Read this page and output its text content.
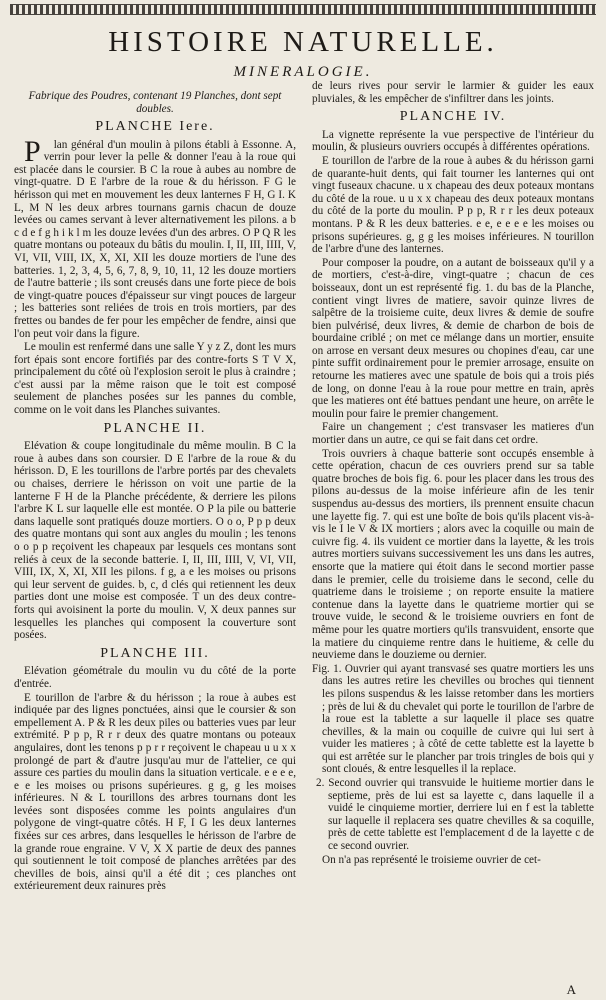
HISTOIRE NATURELLE.
MINERALOGIE.

Fabrique des Poudres, contenant 19 Planches, dont sept doubles.

PLANCHE Iere.

Plan général d'un moulin à pilons établi à Essonne. A, verrin pour lever la pelle & donner l'eau à la roue qui est placée dans le coursier. B C la roue à aubes au nombre de vingt-quatre. D E l'arbre de la roue & du hérisson. F G le hérisson qui met en mouvement les deux lanternes F H, G I. K L, M N les deux arbres tournans garnis chacun de douze levées ou cames servant à lever alternativement les pilons. a b c d e f g h i k l m les douze levées d'un des arbres. O P Q R les quatre montans ou poteaux du bâtis du moulin. I, II, III, IIII, V, VI, VII, VIII, IX, X, XI, XII les douze mortiers de l'une des batteries. 1, 2, 3, 4, 5, 6, 7, 8, 9, 10, 11, 12 les douze mortiers de l'autre batterie ; ils sont creusés dans une forte piece de bois de vingt-quatre pouces d'épaisseur sur vingt pouces de largeur ; les batteries sont reliées de trois en trois mortiers, par des frettes ou bandes de fer pour les empêcher de fendre, ainsi que l'on peut voir dans la figure.

Le moulin est renfermé dans une salle Y y z Z, dont les murs fort épais sont encore fortifiés par des contre-forts S T V X, principalement du côté où l'explosion seroit le plus à craindre ; c'est aussi par la même raison que le toit est composé seulement de planches posées sur les pannes du comble, comme on le voit dans les Planches suivantes.

PLANCHE II.

Elévation & coupe longitudinale du même moulin. B C la roue à aubes dans son coursier. D E l'arbre de la roue & du hérisson. D, E les tourillons de l'arbre portés par des chevalets ou chaises, derriere le hérisson on voit une partie de la lanterne F H de la Planche précédente, & derriere les pilons l'arbre K L sur laquelle elle est montée. O P la pile ou batterie dans laquelle sont pratiqués douze mortiers. O o o, P p p deux des quatre montans qui sont aux angles du moulin ; les tenons o o p p reçoivent les chapeaux par lesquels ces montans sont reliés à ceux de la seconde batterie. I, II, III, IIII, V, VI, VII, VIII, IX, X, XI, XII les pilons. f g, a e les moises ou prisons qui leur servent de guides. b, c, d clés qui retiennent les deux parties dont une moise est composée. T un des deux contre-forts qui avoisinent la porte du moulin. V, X deux pannes sur lesquelles les planches qui composent la couverture sont posées.

PLANCHE III.

Elévation géométrale du moulin vu du côté de la porte d'entrée.

E tourillon de l'arbre & du hérisson ; la roue à aubes est indiquée par des lignes ponctuées, ainsi que le coursier & son empellement A. P & R les deux piles ou batteries vues par leur extrémité. P p p, R r r deux des quatre montans ou poteaux angulaires, dont les tenons p p r r reçoivent le chapeau u u x x prolongé de part & d'autre jusqu'au mur de l'attelier, ce qui assure ces parties du moulin dans la situation verticale. e e e e, e e les moises ou prisons supérieures. g g, g les moises inférieures. N & L tourillons des arbres tournans dont les levées sont disposées comme les points angulaires d'un polygone de vingt-quatre côtés. H F, I G les deux lanternes fixées sur ces arbres, dans lesquelles le hérisson de l'arbre de la grande roue engraine. V V, X X partie de deux des pannes qui soutiennent le toit composé de planches arrêtées par des chevilles de bois, ainsi qu'il a été dit ; ces planches ont extérieurement deux rainures près

de leurs rives pour servir le larmier & guider les eaux pluviales, & les empêcher de s'infiltrer dans les joints.

PLANCHE IV.

La vignette représente la vue perspective de l'intérieur du moulin, & plusieurs ouvriers occupés à différentes opérations.

E tourillon de l'arbre de la roue à aubes & du hérisson garni de quarante-huit dents, qui fait tourner les lanternes qui ont vingt fuseaux chacune. u x chapeau des deux poteaux montans du côté de la roue. u u x x chapeau des deux poteaux montans du côté de la porte du moulin. P p p, R r r les deux poteaux montans. P & R les deux batteries. e e, e e e e les moises ou prisons supérieures. g, g g les moises inférieures. N tourillon de l'arbre d'une des lanternes.

Pour composer la poudre, on a autant de boisseaux qu'il y a de mortiers, c'est-à-dire, vingt-quatre ; chacun de ces boisseaux, dont un est représenté fig. 1. du bas de la Planche, contient vingt livres de matiere, savoir quinze livres de salpêtre de la troisieme cuite, deux livres & demie de soufre bien pulvérisé, deux livres, & demie de charbon de bois de bourdaine criblé ; on met ce mélange dans un mortier, ensuite on arrose en versant deux mesures ou chopines d'eau, car une pinte suffit ordinairement pour le premier arrosage, ensuite on retourne les matieres avec une spatule de bois qui a trois piés de long, on donne l'eau à la roue pour mettre en train, après que les matieres ont été battues pendant une heure, on arrête le moulin pour faire le premier changement.

Faire un changement ; c'est transvaser les matieres d'un mortier dans un autre, ce qui se fait dans cet ordre.

Trois ouvriers à chaque batterie sont occupés ensemble à cette opération, chacun de ces ouvriers prend sur sa table quatre broches de bois fig. 6. pour les placer dans les trous des pilons au-dessus de la moise inférieure afin de les tenir suspendus au-dessus des mortiers, ils prennent ensuite chacun une layette fig. 7. qui est une boîte de bois qu'ils placent vis-à-vis le I le V & IX mortiers ; alors avec la coquille ou main de cuivre fig. 4. ils vuident ce mortier dans la layette, & les trois autres mortiers suivans successivement les uns dans les autres, ensorte que la matiere qui étoit dans le second mortier passe dans le premier, celle du troisieme dans le second, celle du quatrieme dans le troisieme ; on reporte ensuite la matiere contenue dans la layette dans le quatrieme mortier qui se trouve vuide, le second & le troisieme ouvriers en font de même pour les quatre mortiers qu'ils transvuident, ensorte que la matiere du cinquieme rentre dans le huitieme, & celle du neuvieme dans le douzieme ou dernier.

Fig. 1. Ouvrier qui ayant transvasé ses quatre mortiers les uns dans les autres retire les chevilles ou broches qui tiennent les pilons suspendus & les laisse retomber dans les mortiers ; près de lui & du chevalet qui porte le tourillon de l'arbre de la roue est la tablette a sur laquelle il place ses quatre chevilles, & la main ou coquille de cuivre qui lui sert à vuider les matieres ; à côté de cette tablette est la layette b qui est arrêtée sur le plancher par trois tringles de bois qui y sont cloués, & entre lesquelles il la replace.

2. Second ouvrier qui transvuide le huitieme mortier dans le septieme, près de lui est sa layette c, dans laquelle il a vuidé le cinquieme mortier, derriere lui en f est la tablette sur laquelle il replacera ses quatre chevilles & sa coquille, près de cette tablette est l'emplacement d de la layette c de ce second ouvrier.

On n'a pas représenté le troisieme ouvrier de cet-

A
